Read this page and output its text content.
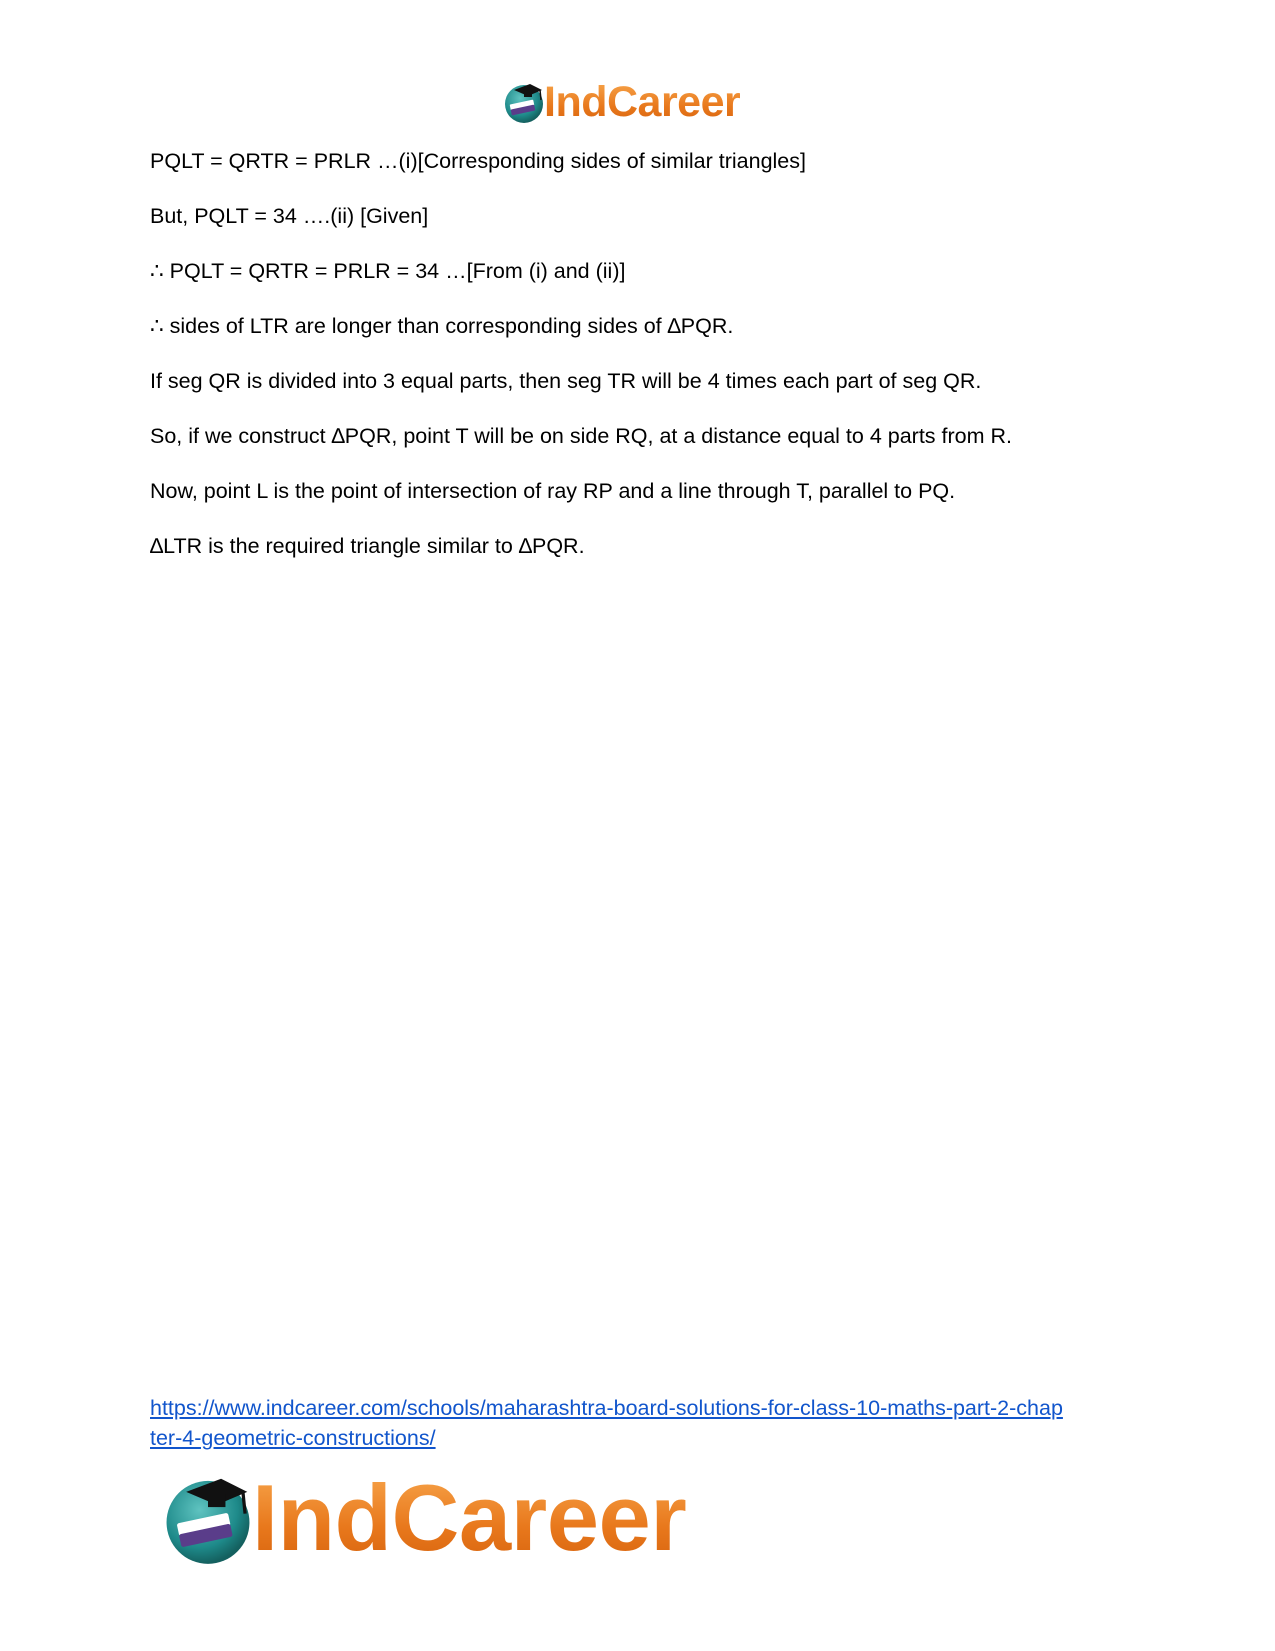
IndCareer

PQLT = QRTR = PRLR …(i)[Corresponding sides of similar triangles]

But, PQLT = 34 ….(ii) [Given]

∴ PQLT = QRTR = PRLR = 34 …[From (i) and (ii)]

∴ sides of LTR are longer than corresponding sides of ∆PQR.

If seg QR is divided into 3 equal parts, then seg TR will be 4 times each part of seg QR.

So, if we construct ∆PQR, point T will be on side RQ, at a distance equal to 4 parts from R.

Now, point L is the point of intersection of ray RP and a line through T, parallel to PQ.

∆LTR is the required triangle similar to ∆PQR.

https://www.indcareer.com/schools/maharashtra-board-solutions-for-class-10-maths-part-2-chap
ter-4-geometric-constructions/
IndCareer
